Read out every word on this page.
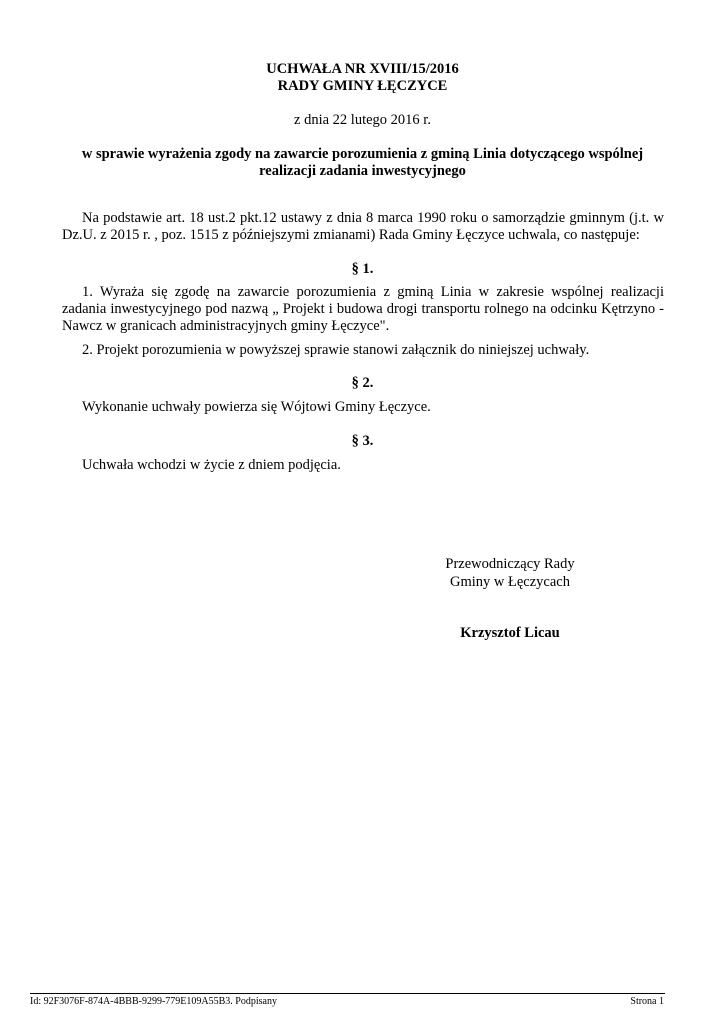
UCHWAŁA NR XVIII/15/2016
RADY GMINY ŁĘCZYCE
z dnia 22 lutego 2016 r.
w sprawie wyrażenia zgody na zawarcie porozumienia z gminą Linia dotyczącego wspólnej realizacji zadania inwestycyjnego
Na podstawie art. 18 ust.2 pkt.12 ustawy z dnia 8 marca 1990 roku o samorządzie gminnym (j.t. w Dz.U. z 2015 r. , poz. 1515 z późniejszymi zmianami) Rada Gminy Łęczyce uchwala, co następuje:
§ 1.
1. Wyraża się zgodę na zawarcie porozumienia z gminą Linia w zakresie wspólnej realizacji zadania inwestycyjnego pod nazwą „ Projekt i budowa drogi transportu rolnego na odcinku Kętrzyno - Nawcz w granicach administracyjnych gminy Łęczyce".
2. Projekt porozumienia w powyższej sprawie stanowi załącznik do niniejszej uchwały.
§ 2.
Wykonanie uchwały powierza się Wójtowi Gminy Łęczyce.
§ 3.
Uchwała wchodzi w życie z dniem podjęcia.
Przewodniczący Rady
Gminy w Łęczycach
Krzysztof Licau
Id: 92F3076F-874A-4BBB-9299-779E109A55B3. Podpisany	Strona 1
